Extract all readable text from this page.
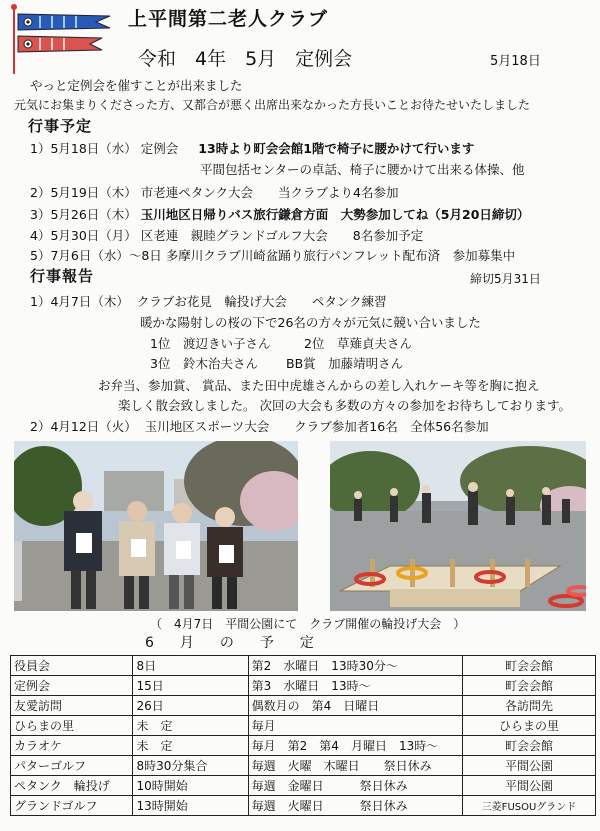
上平間第二老人クラブ
令和　4年　5月　定例会	5月18日
やっと定例会を催すことが出来ました
元気にお集まりくださった方、又都合が悪く出席出来なかった方長いことお待たせいたしました
行事予定
1）5月18日（水） 定例会 13時より町会会館1階で椅子に腰かけて行います
平間包括センターの卓話、椅子に腰かけて出来る体操、他
2）5月19日（木） 市老連ペタンク大会　　当クラブより4名参加
3）5月26日（木） 玉川地区日帰りバス旅行鎌倉方面　大勢参加してね（5月20日締切）
4）5月30日（月） 区老連　親睦グランドゴルフ大会　　8名参加予定
5）7月6日（水）～8日 多摩川クラブ川崎盆踊り旅行パンフレット配布済　参加募集中
行事報告	締切5月31日
1）4月7日（木） クラブお花見　輪投げ大会　　ペタンク練習
暖かな陽射しの桜の下で26名の方々が元気に競い合いました
1位　渡辺きい子さん	2位　草薙貞夫さん
3位　鈴木治夫さん BB賞　加藤靖明さん
お弁当、参加賞、 賞品、また田中虎雄さんからの差し入れケーキ等を胸に抱え
楽しく散会致しました。 次回の大会も多数の方々の参加をお待ちしております。
2）4月12日（火） 玉川地区スポーツ大会　　クラブ参加者16名　全体56名参加
（　4月7日　平間公園にて　クラブ開催の輪投げ大会　）
6　月　の　予　定
役員会	8日	第2　水曜日　13時30分～	町会会館
定例会	15日	第3　水曜日　13時～	町会会館
友愛訪問	26日	偶数月の　第4　日曜日	各訪問先
ひらまの里	未　定	毎月	ひらまの里
カラオケ	未　定	毎月　第2　第4　月曜日　13時～	町会会館
パターゴルフ	8時30分集合	毎週　火曜　木曜日　　祭日休み	平間公園
ペタンク　輪投げ	10時開始	毎週　金曜日　　　祭日休み	平間公園
グランドゴルフ	13時開始	毎週　火曜日　　　祭日休み	三菱FUSOUグランド
